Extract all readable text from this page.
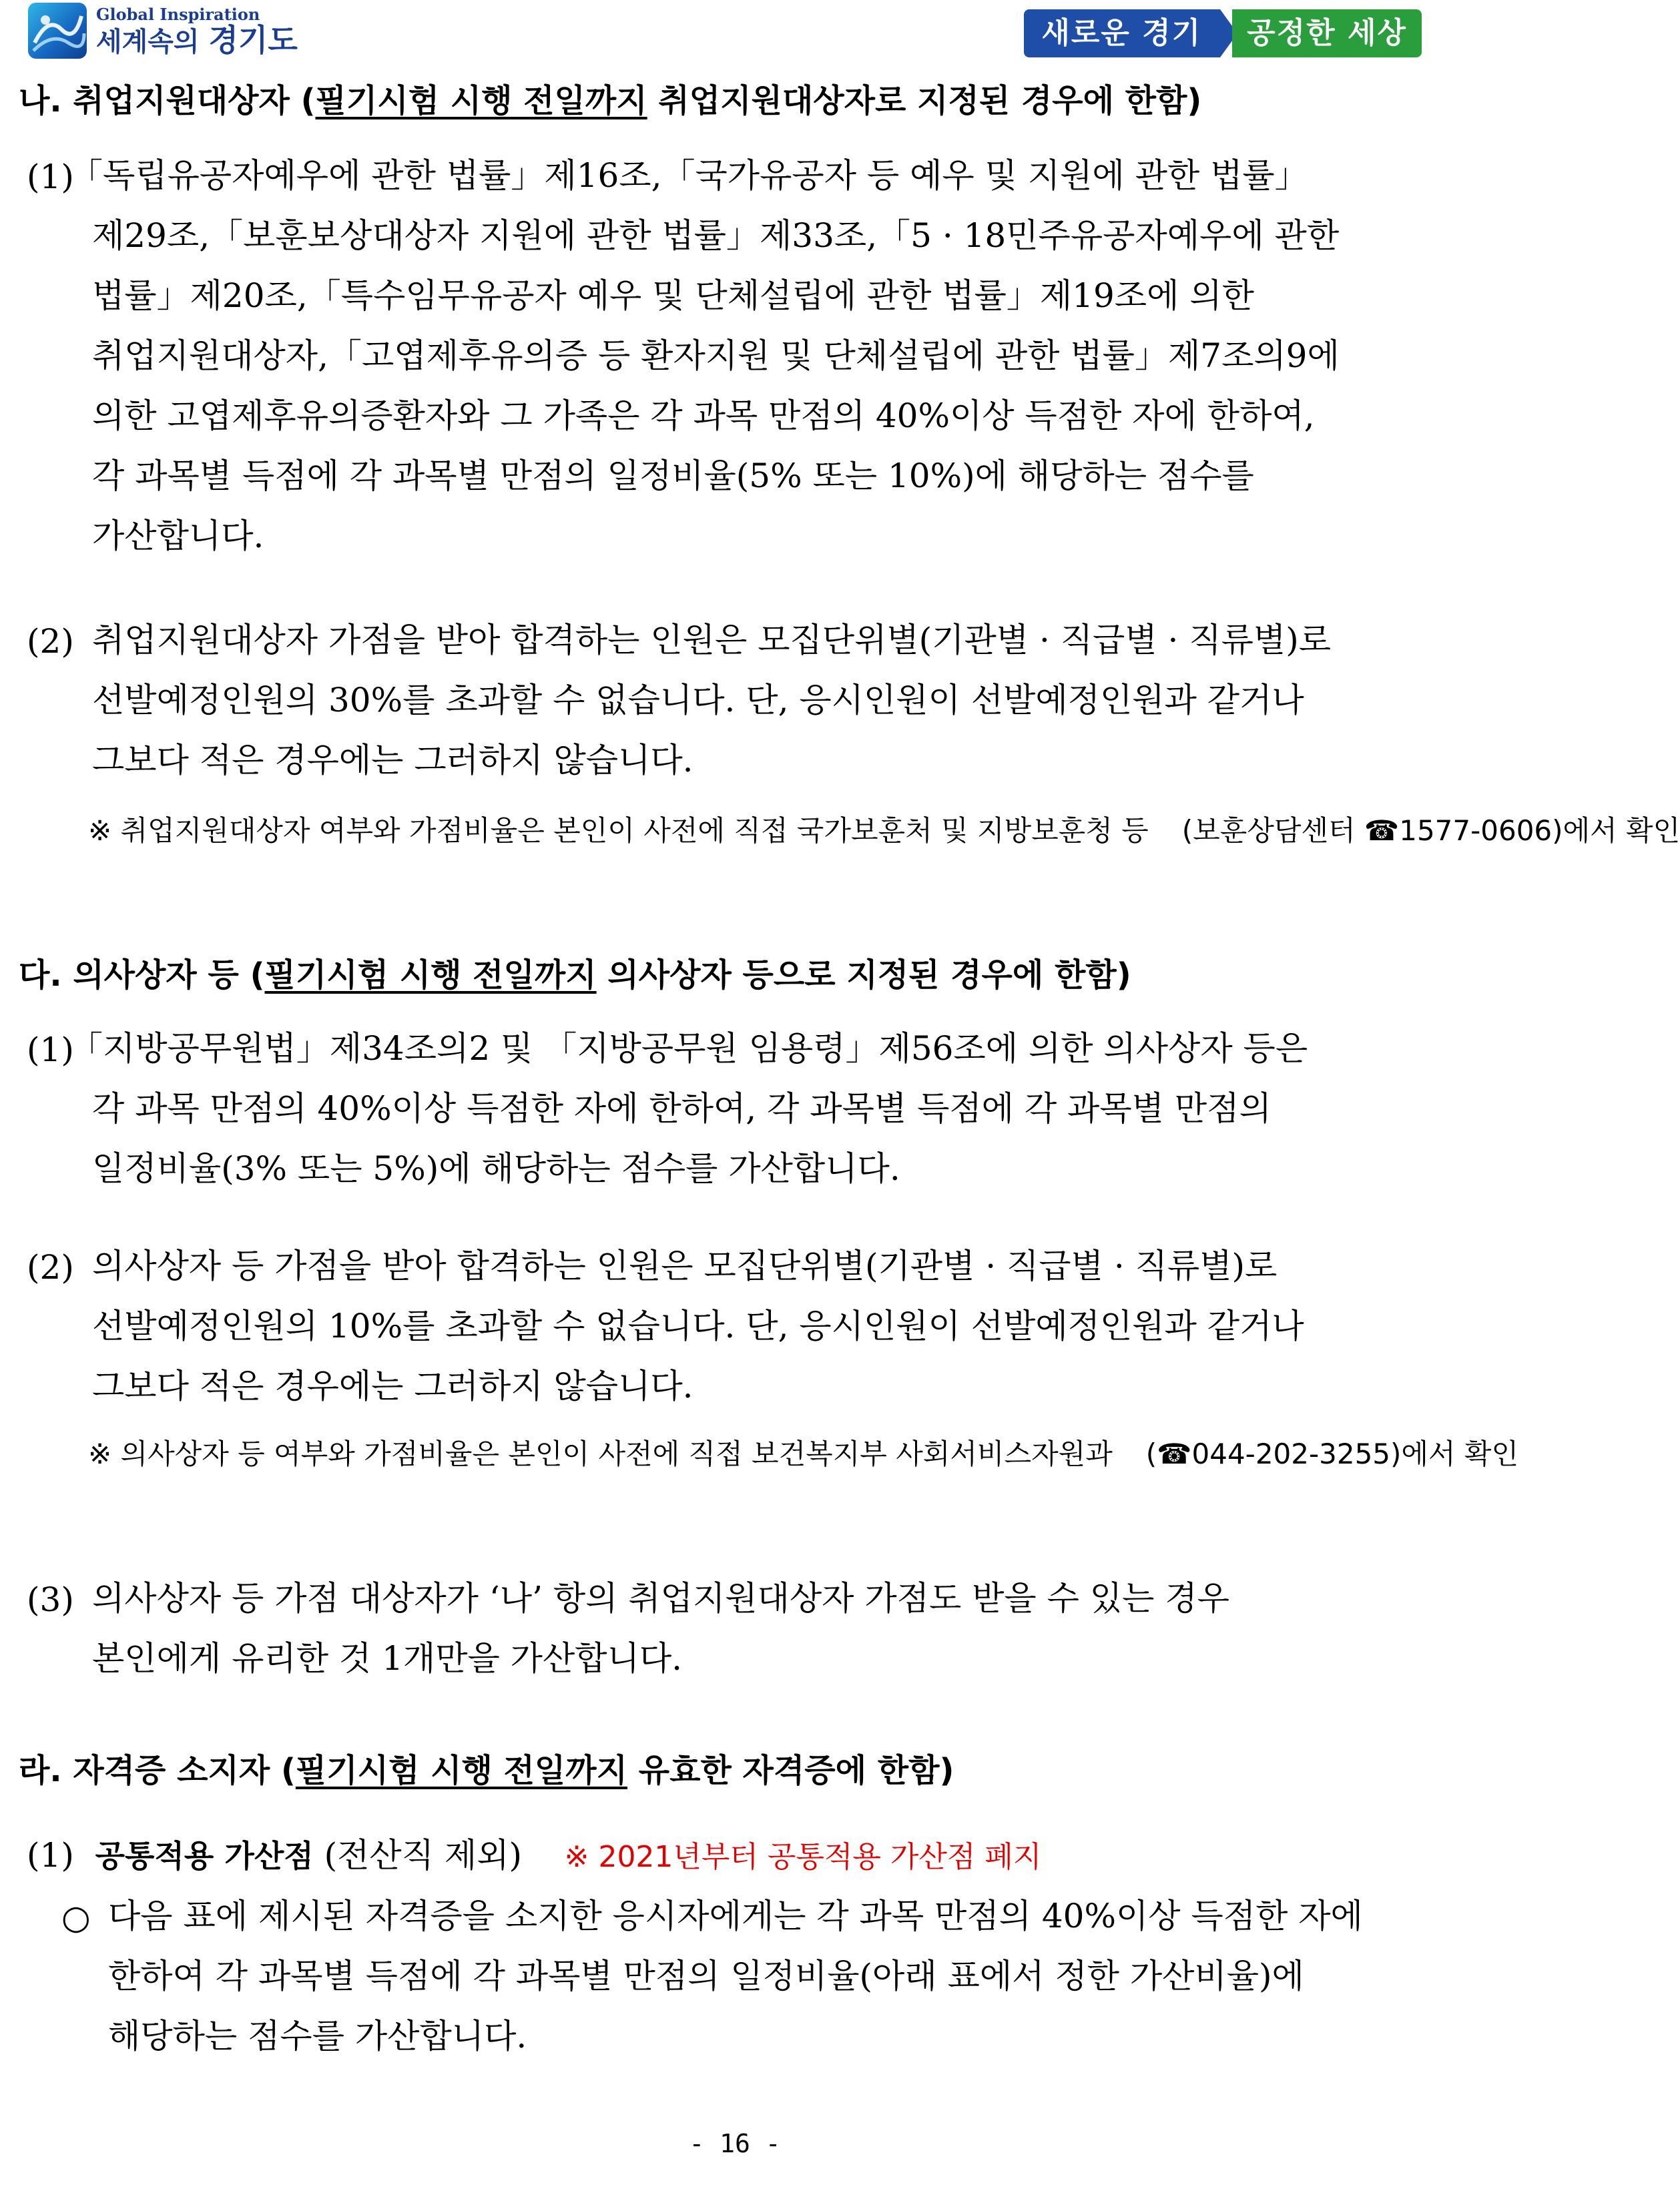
Global Inspiration
세계속의 경기도	새로운 경기	공정한 세상
나. 취업지원대상자 (필기시험 시행 전일까지 취업지원대상자로 지정된 경우에 한함)
(1)
「독립유공자예우에 관한 법률」제16조,「국가유공자 등 예우 및 지원에 관한 법률」
제29조,「보훈보상대상자 지원에 관한 법률」제33조,「5 · 18민주유공자예우에 관한
법률」제20조,「특수임무유공자 예우 및 단체설립에 관한 법률」제19조에 의한
취업지원대상자,「고엽제후유의증 등 환자지원 및 단체설립에 관한 법률」제7조의9에
의한 고엽제후유의증환자와 그 가족은 각 과목 만점의 40%이상 득점한 자에 한하여,
각 과목별 득점에 각 과목별 만점의 일정비율(5% 또는 10%)에 해당하는 점수를
가산합니다.
(2) 취업지원대상자 가점을 받아 합격하는 인원은 모집단위별(기관별 · 직급별 · 직류별)로
선발예정인원의 30%를 초과할 수 없습니다. 단, 응시인원이 선발예정인원과 같거나
그보다 적은 경우에는 그러하지 않습니다.
※ 취업지원대상자 여부와 가점비율은 본인이 사전에 직접 국가보훈처 및 지방보훈청 등 (보훈상담센터 ☎1577-0606)에서 확인
다. 의사상자 등 (필기시험 시행 전일까지 의사상자 등으로 지정된 경우에 한함)
(1)
「지방공무원법」제34조의2 및 「지방공무원 임용령」제56조에 의한 의사상자 등은
각 과목 만점의 40%이상 득점한 자에 한하여, 각 과목별 득점에 각 과목별 만점의
일정비율(3% 또는 5%)에 해당하는 점수를 가산합니다.
(2) 의사상자 등 가점을 받아 합격하는 인원은 모집단위별(기관별 · 직급별 · 직류별)로
선발예정인원의 10%를 초과할 수 없습니다. 단, 응시인원이 선발예정인원과 같거나
그보다 적은 경우에는 그러하지 않습니다.
※ 의사상자 등 여부와 가점비율은 본인이 사전에 직접 보건복지부 사회서비스자원과 (☎044-202-3255)에서 확인
(3) 의사상자 등 가점 대상자가 ‘나’ 항의 취업지원대상자 가점도 받을 수 있는 경우
본인에게 유리한 것 1개만을 가산합니다.
라. 자격증 소지자 (필기시험 시행 전일까지 유효한 자격증에 한함)
(1) 공통적용 가산점 (전산직 제외) ※ 2021년부터 공통적용 가산점 폐지
○ 다음 표에 제시된 자격증을 소지한 응시자에게는 각 과목 만점의 40%이상 득점한 자에
한하여 각 과목별 득점에 각 과목별 만점의 일정비율(아래 표에서 정한 가산비율)에
해당하는 점수를 가산합니다.
- 16 -
